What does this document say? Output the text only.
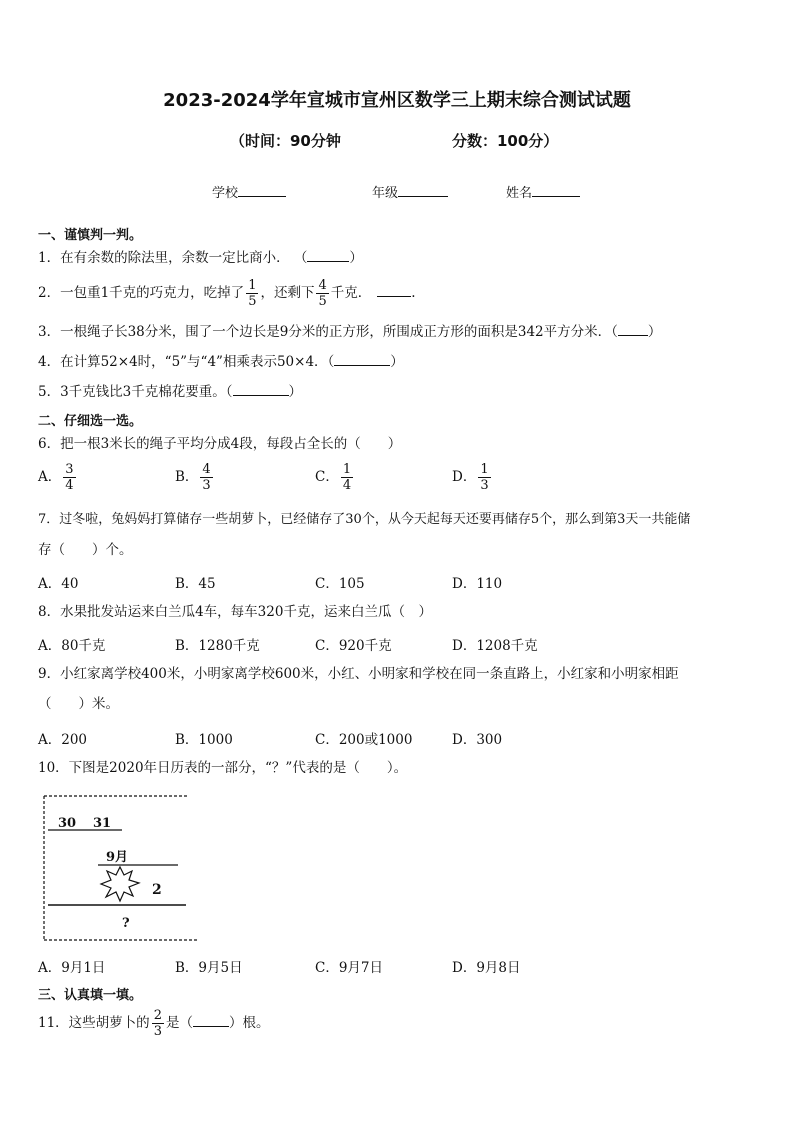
2023-2024学年宣城市宣州区数学三上期末综合测试试题
（时间：90分钟	分数：100分）
学校	年级	姓名
一、谨慎判一判。
1．在有余数的除法里，余数一定比商小． （	）
2．一包重1千克的巧克力，吃掉了 $\frac{1}{5}$ ，还剩下 $\frac{4}{5}$ 千克．	.
3．一根绳子长38分米，围了一个边长是9分米的正方形，所围成正方形的面积是342平方分米．（ ）
4．在计算52×4时，“5”与“4”相乘表示50×4．（	）
5．3千克钱比3千克棉花要重。（	）
二、仔细选一选。
6．把一根3米长的绳子平均分成4段，每段占全长的（　　）
A． $\frac{3}{4}$	B． $\frac{4}{3}$	C． $\frac{1}{4}$	D． $\frac{1}{3}$
7．过冬啦，兔妈妈打算储存一些胡萝卜，已经储存了30个，从今天起每天还要再储存5个，那么到第3天一共能储
存（　　）个。
A．40	B．45	C．105	D．110
8．水果批发站运来白兰瓜4车，每车320千克，运来白兰瓜（　）
A．80千克	B．1280千克	C．920千克	D．1208千克
9．小红家离学校400米，小明家离学校600米，小红、小明家和学校在同一条直路上，小红家和小明家相距
（　　）米。
A．200	B．1000	C．200或1000	D．300
10．下图是2020年日历表的一部分，“？”代表的是（　　）。
30 31
9月
2
?
A．9月1日	B．9月5日	C．9月7日	D．9月8日
三、认真填一填。
11．这些胡萝卜的 $\frac{2}{3}$ 是（	）根。
